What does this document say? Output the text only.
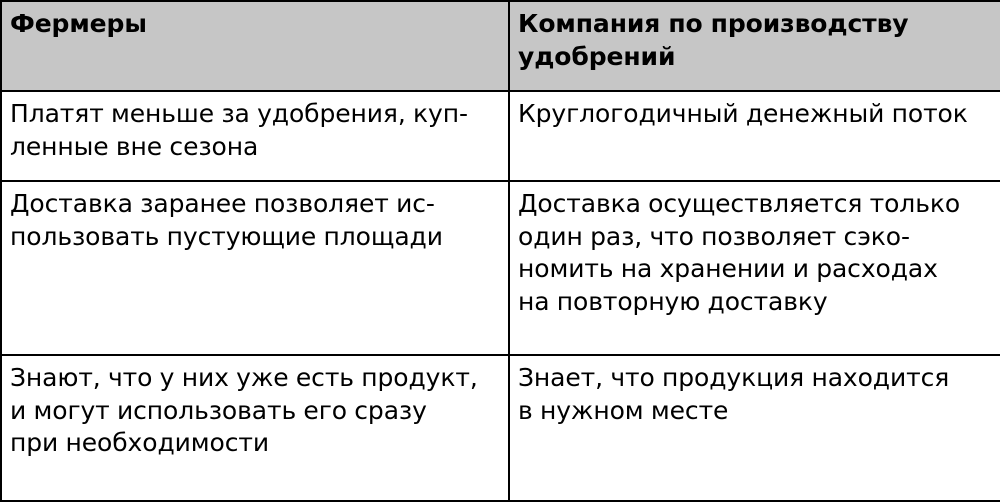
Фермеры	Компания по производству
удобрений

Платят меньше за удобрения, куп-
ленные вне сезона	Круглогодичный денежный поток

Доставка заранее позволяет ис-
пользовать пустующие площади	Доставка осуществляется только
один раз, что позволяет сэко-
номить на хранении и расходах
на повторную доставку

Знают, что у них уже есть продукт,
и могут использовать его сразу
при необходимости	Знает, что продукция находится
в нужном месте
